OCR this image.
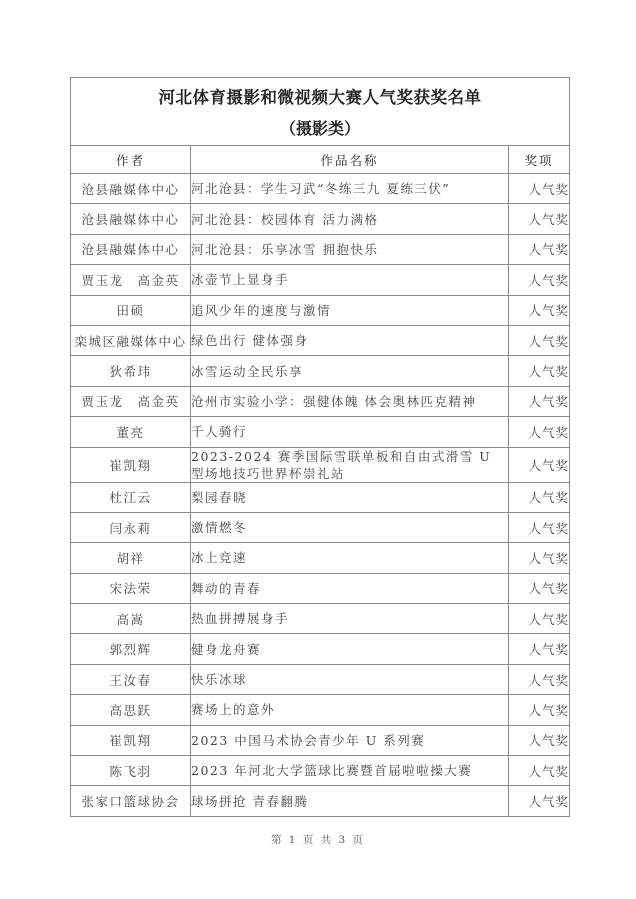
河北体育摄影和微视频大赛人气奖获奖名单
（摄影类）		

作者	作品名称	奖项
沧县融媒体中心	河北沧县：学生习武“冬练三九 夏练三伏”	人气奖
沧县融媒体中心	河北沧县：校园体育 活力满格	人气奖
沧县融媒体中心	河北沧县：乐享冰雪 拥抱快乐	人气奖
贾玉龙　高金英	冰壶节上显身手	人气奖
田硕	追风少年的速度与激情	人气奖
栾城区融媒体中心	绿色出行 健体强身	人气奖
狄希玮	冰雪运动全民乐享	人气奖
贾玉龙　高金英	沧州市实验小学：强健体魄 体会奥林匹克精神	人气奖
董亮	千人骑行	人气奖
崔凯翔	2023-2024 赛季国际雪联单板和自由式滑雪 U 型场地技巧世界杯崇礼站	人气奖
杜江云	梨园春晓	人气奖
闫永莉	激情燃冬	人气奖
胡祥	冰上竞速	人气奖
宋法荣	舞动的青春	人气奖
高嵩	热血拼搏展身手	人气奖
郭烈辉	健身龙舟赛	人气奖
王汝春	快乐冰球	人气奖
高思跃	赛场上的意外	人气奖
崔凯翔	2023 中国马术协会青少年 U 系列赛	人气奖
陈飞羽	2023 年河北大学篮球比赛暨首届啦啦操大赛	人气奖
张家口篮球协会	球场拼抢 青春翻腾	人气奖
第 1 页 共 3 页
